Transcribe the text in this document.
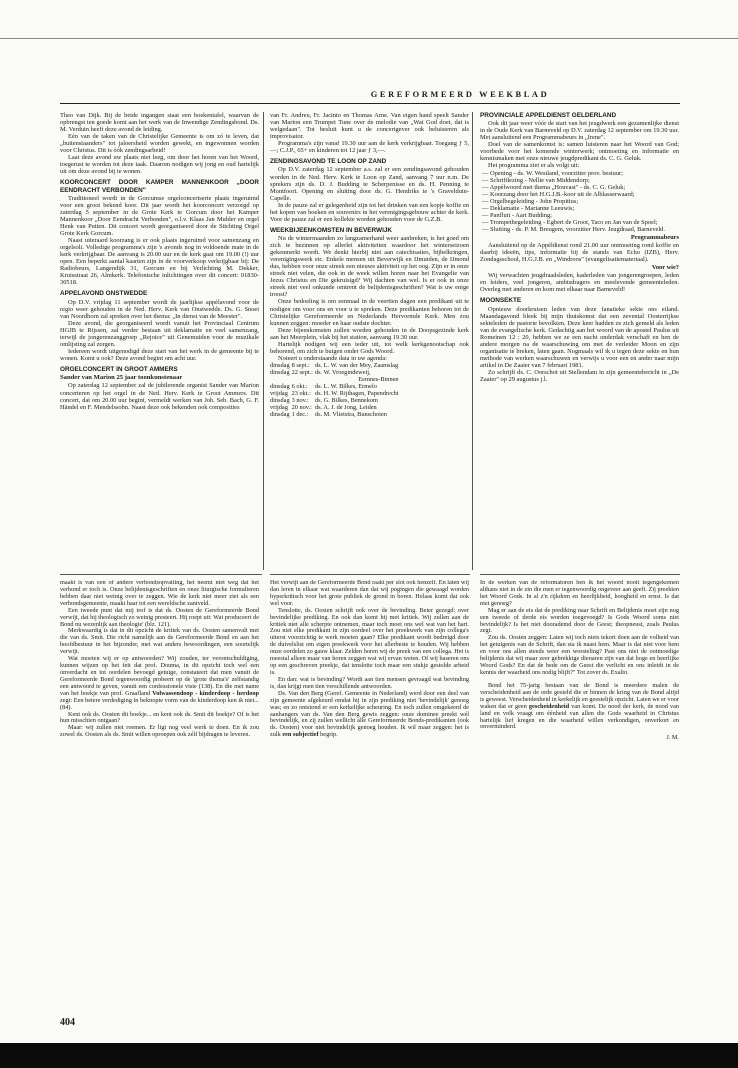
GEREFORMEERD WEEKBLAD

Theo van Dijk. Bij de beide ingangen staat een boekentafel, waarvan de opbrengst ten goede komt aan het werk van de Inwendige Zendingsbond. Ds. M. Verduin heeft deze avond de leiding.

Eén van de taken van de Christelijke Gemeente is om zó te leven, dat „buitenstaanders" tot jaloersheid worden gewekt, en ingewonnen worden voor Christus. Dit is óók zendingsarbeid!

Laat deze avond uw plaats niet leeg, om door het horen van het Woord, toegerust te worden tot deze taak. Daarom nodigen wij jong en oud hartelijk uit om deze avond bij te wonen.

KOORCONCERT DOOR KAMPER MANNENKOOR „DOOR EENDRACHT VERBONDEN"

Traditioneel wordt in de Gorcumse orgelconcertserie plaats ingeruimd voor een groot bekend koor. Dit jaar wordt het koorconcert verzorgd op zaterdag 5 september in de Grote Kerk te Gorcum door het Kamper Mannenkoor „Door Eendracht Verbonden", o.l.v. Klaas Jan Mulder en orgel Henk van Putten. Dit concert wordt georganiseerd door de Stichting Orgel Grote Kerk Gorcum.

Naast uiteraard koorzang is er ook plaats ingeruimd voor samenzang en orgelsoli. Volledige programma's zijn 's avonds nog in voldoende mate in de kerk verkrijgbaar. De aanvang is 20.00 uur en de kerk gaat om 19.00 (!) uur open. Een beperkt aantal kaarten zijn in de voorverkoop verkrijgbaar bij: De Radiobeurs, Langendijk 31, Gorcum en bij Verlichting M. Dekker, Kruisstraat 26, Almkerk. Telefonische inlichtingen over dit concert: 01830-30518.

APPELAVOND ONSTWEDDE

Op D.V. vrijdag 11 september wordt de jaarlijkse appèlavond voor de regio weer gehouden in de Ned. Herv. Kerk van Onstwedde. Ds. G. Snoei van Noordhorn zal spreken over het thema: „In dienst van de Meester".

Deze avond, die georganiseerd wordt vanuit het Provinciaal Centrum HGJB te Rijssen, zal verder bestaan uit deklamatie en veel samenzang, terwijl de jongerenzanggroep „Rejoice" uit Genemuiden voor de muzikale omlijsting zal zorgen.

Iedereen wordt uitgenodigd deze start van het werk in de gemeente bij te wonen. Komt u ook? Deze avond begint om acht uur.

ORGELCONCERT IN GROOT AMMERS
Sander van Marion 25 jaar toonkunstenaar

Op zaterdag 12 september zal de jubilerende organist Sander van Marion concerteren op het orgel in de Ned. Herv. Kerk te Groot Ammers. Dit concert, dat om 20.00 uur begint, vermeldt werken van Joh. Seb. Bach, G. F. Händel en F. Mendelssohn. Naast deze ook bekenden ook composities

van Fr. Andreu, Fr. Jacinto en Thomas Arne. Van eigen hand speelt Sander van Marion een Trumpet Tune over de melodie van „Wat God doet, dat is welgedaan". Tot besluit kunt u de concertgever ook beluisteren als improvisator.

Programma's zijn vanaf 19.30 uur aan de kerk verkrijgbaar. Toegang ƒ 5,—; C.J.P., 65+ en kinderen tot 12 jaar ƒ 3,—.

ZENDINGSAVOND TE LOON OP ZAND

Op D.V. zaterdag 12 september a.s. zal er een zendingsavond gehouden worden in de Ned. Herv. Kerk te Loon op Zand, aanvang 7 uur n.m. De sprekers zijn ds. D. J. Budding te Scherpenisse en ds. H. Penning te Montfoort. Opening en sluiting door ds. G. Hendriks te 's Gravelduin-Capelle.

In de pauze zal er gelegenheid zijn tot het drinken van een kopje koffie en het kopen van boeken en souvenirs in het verenigingsgebouw achter de kerk. Voor de pauze zal er een kollekte worden gehouden voor de G.Z.B.

WEEKBIJEENKOMSTEN IN BEVERWIJK

Nu de wintermaanden zo langzamerhand weer aanbreken, is het goed om zich te bezinnen op allerlei aktiviteiten waardoor het winterseizoen gekenmerkt wordt. We denkt hierbij niet aan catechisaties, bijbelkringen, verenigingswerk etc. Enkele mensen uit Beverwijk en IJmuiden, de IJmond dus, hebben voor onze streek een nieuwe aktiviteit op het oog. Zijn er in onze streek niet velen, die ook in de week willen horen naar het Evangelie van Jezus Christus en Die gekruisigd? Wij dachten van wel. Is er ook in onze streek niet veel onkunde omtrent de belijdenisgeschriften? Wat is uw enige troost?

Onze bedoeling is om eenmaal in de veertien dagen een predikant uit te nodigen om voor ons en voor u te spreken. Deze predikanten behoren tot de Christelijke Gereformeerde en Nederlands Hervormde Kerk. Men zou kunnen zeggen: moeder en haar oudste dochter.

Deze bijeenkomsten zullen worden gehouden in de Doopsgezinde kerk aan het Meerplein, vlak bij het station, aanvang 19.30 uur.

Hartelijk nodigen wij een ieder uit, tot welk kerkgenootschap ook behorend, om zich te buigen onder Gods Woord.

Noteert u onderstaande data in uw agenda:

dinsdag	8 sept.:	ds. L. W. van der Mey, Zaamslag
dinsdag	22 sept.:	ds. W. Vroegindeweij,
		Eemnes-Binnen
dinsdag	6 okt.:	ds. L. W. Bilkes, Ermelo
vrijdag	23 okt.:	ds. H. W. Rijthagen, Papendrecht
dinsdag	3 nov.:	ds. G. Bilkes, Bennekom
vrijdag	20 nov.:	ds. A. J. de Jong, Leiden
dinsdag	1 dec.:	ds. M. Vlietstra, Bunschoten
PROVINCIALE APPÈLDIENST GELDERLAND

Ook dit jaar weer vóór de start van het jeugdwerk een gezamenlijke dienst in de Oude Kerk van Barneveld op D.V. zaterdag 12 september om 19.30 uur. Met aansluitend een Programmabeurs in „Irene".

Doel van de samenkomst is: samen luisteren naar het Woord van God; voorbede voor het komende winterwerk; ontmoeting en informatie en kennismaken met onze nieuwe jeugdpredikant ds. C. G. Geluk.

Het programma ziet er als volgt uit:

— Opening - ds. W. Westland, voorzitter prov. bestuur;
— Schriftlezing - Nellie van Middendorp;
— Appèlwoord met thema „Houvast" - ds. C. G. Geluk;
— Koorzang door het H.G.J.B.-koor uit de Alblasserwaard;
— Orgelbegeleiding - John Propitius;
— Deklamatie - Marianne Leeuwis;
— Panfluit - Aart Budding;
— Trompetbegeleiding - Egbert de Groot, Taco en Jan van de Spoel;
— Sluiting - ds. P. M. Breugem, voorzitter Herv. Jeugdraad, Barneveld.
Programmabeurs

Aansluitend op de Appèldienst rond 21.00 uur ontmoeting rond koffie en daarbij ideeën, tips, informatie bij de stands van Echo (IZB), Herv. Zondagsschool, H.G.J.B. en „Windroos" (evangelisatiemateriaal).

Voor wie?

Wij verwachten jeugdraadsleden, kaderleden van jongerengroepen, leden en leiders, veel jongeren, ambtsdragers en meelevende gemeenteleden. Overleg met anderen en kom met elkaar naar Barneveld!

MOONSEKTE

Opnieuw doorkruisen leden van deze fanatieke sekte ons eiland. Maandagavond bleek bij mijn thuiskomst dat een zevental Oosterrijkse sekteleden de pastorie bevolkten. Deze keer hadden ze zich gemeld als leden van de evangelische kerk. Gedachtig aan het woord van de apostel Paulus uit Romeinen 12 : 20, hebben we ze een nacht onderdak verschaft en hen de andere morgen na de waarschuwing om met de verleider Moon en zijn organisatie te breken, laten gaan. Nogmaals wil ik u tegen deze sekte en hun methode van werken waarschuwen en verwijs u voor een en ander naar mijn artikel in De Zaaier van 7 februari 1981.

Zo schrijft ds. C. Oorschot uit Stellendam in zijn gemeentebericht in „De Zaaier" op 29 augustus j.l.

maakt is van een of andere verbondsopvatting, het neemt niet weg dat het verbond er toch is. Onze belijdenisgeschriften en onze liturgische formulieren hebben daar niet weinig over te zeggen. Wie de kerk niet meer ziet als een verbondsgemeente, maakt haar tot een wereldsche zaniveld.

Een tweede punt dat mij trof is dat ds. Oosten de Gereformeerde Bond verwijt, dat hij theologisch zo weinig presteert. Hij roept uit: Wat produceert de Bond nu wezenlijk aan theologie' (blz. 121).

Merkwaardig is dat in dit opzicht de kritiek van ds. Oosten samenvalt met die van ds. Smit. Die richt namelijk aan de Gereformeerde Bond en aan het hoofdbestuur in het bijzonder, met wat anders bewoordingen, een soortelijk verwijt.

Wat moeten wij er op antwoorden? Wij zouden, ter verontschuldiging, kunnen wijzen op het feit dat prof. Douma, in dit opzicht toch wel een onverdacht en tot oordelen bevoegd getuige, constateert dat men vanuit de Gereformeerde Bond tegenwoordig probeert op de 'grote thema's' zelfstandig een antwoord te geven, vanuit een confessionele visie (138). En die met name van het boekje van prof. Graafland Volwassendoop - kinderdoop - herdoop zegt: Een betere verdediging in beknopte vorm van de kinderdoop ken ik niet... (84).

Kent ook ds. Oosten dit boekje... en kent ook ds. Smit dit boekje? Of is het hun misschien ontgaan?

Maar: wij zullen niet roemen. Er ligt nog veel werk te doen. En ik zou zowel ds. Oosten als ds. Smit willen oproepen ook zélf bijdragen te leveren.

Het verwijt aan de Gereformeerde Bond raakt per slot ook henzelf. En laten wij dan leren in elkaar wat waarderen dan dat wij pogingen die gewaagd worden hyperkritisch voor het grote publiek de grond in boren. Helaas komt dat ook wel voor.

Tenslotte, ds. Oosten schrijft ook over de bevinding. Beter gezegd: over bevindelijke prediking. En ook dan komt hij met kritiek. Wij zullen aan de kritiek niet alle scherpte ontnemen, maar toch moet ons wel wat van het hart. Zou niet elke predikant in zijn oordeel over het preekwerk van zijn collega's uiterst voorzichtig te werk moeten gaan? Elke predikant wordt bedreigd door de duivelslist om eigen preekwerk voor het allerbeste te houden. Wij hebben onze oordelen zo gauw klaar. Zelden horen wij de preek van een collega. Het is meestal alleen maar van horen zeggen wat wij ervan weten. Of wij baseren ons op een geschreven preekje, dat tenslotte toch maar een stukje gestolde arbeid is.

En dan: wat is bevinding? Wordt aan tien mensen gevraagd wat bevinding is, dan krijgt men tien verschillende antwoorden.

Ds. Van den Berg (Geref. Gemeente in Nederland) werd door een deel van zijn gemeente afgekeurd omdat hij in zijn prediking niet 'bevindelijk' genoeg was; en zo ontstond er een kerkelijke scheuring. En toch zullen omgekeerd de aanhangers van ds. Van den Berg gewis zeggen: onze dominee preekt wél bevindelijk, en zij zullen wellicht alle Gereformeerde Bonds-predikanten (ook ds. Oosten) voor niet bevindelijk genoeg houden. Ik wil maar zeggen: het is zulk een subjectief begrip.

In de werken van de reformatoren ben ik het woord nooit tegengekomen althans niet in de zin die men er tegenwoordig ongeveer aan geeft. Zij preekten het Woord Gods. In al z'n rijkdom en heerlijkheid, hoogheid en ernst. Is dat niet genoeg?

Mag er aan de eis dat de prediking naar Schrift en Belijdenis moet zijn nog een tweede of derde eis worden toegevoegd? Is Gods Woord soms niet bevindelijk? Is het niet doorademd door de Geest; theopneust, zoals Paulus zegt.

Zou ds. Oosten zeggen: Laten wij toch niets tekort doen aan de volheid van het getuigenis van de Schrift, dan sta ik naast hem. Maar is dat niet voor hem en voor ons allen steeds weer een worsteling? Past ons niet de ootmoedige belijdenis dat wij maar zeer gebrekkige dienaren zijn van dat hoge en heerlijke Woord Gods? En dat de bede om de Geest die verlicht en ons inleidt in de kennis der waarheid ons nodig blijft?" Tot zover ds. Exalto.

Bond het 75-jarig bestaan van de Bond is meerdere malen de verscheidenheid aan de orde gesteld die er binnen de kring van de Bond altijd is geweest. Verscheidenheid in kerkelijk en geestelijk opzicht. Laten we er voor waken dat er geen gescheidenheid van komt. De nood der kerk, de nood van land en volk vraagt om éénheid van allen die Gods waarheid in Christus hartelijk lief kregen en die waarheid willen verkondigen, onverkort en onverminderd.

J. M.
404
